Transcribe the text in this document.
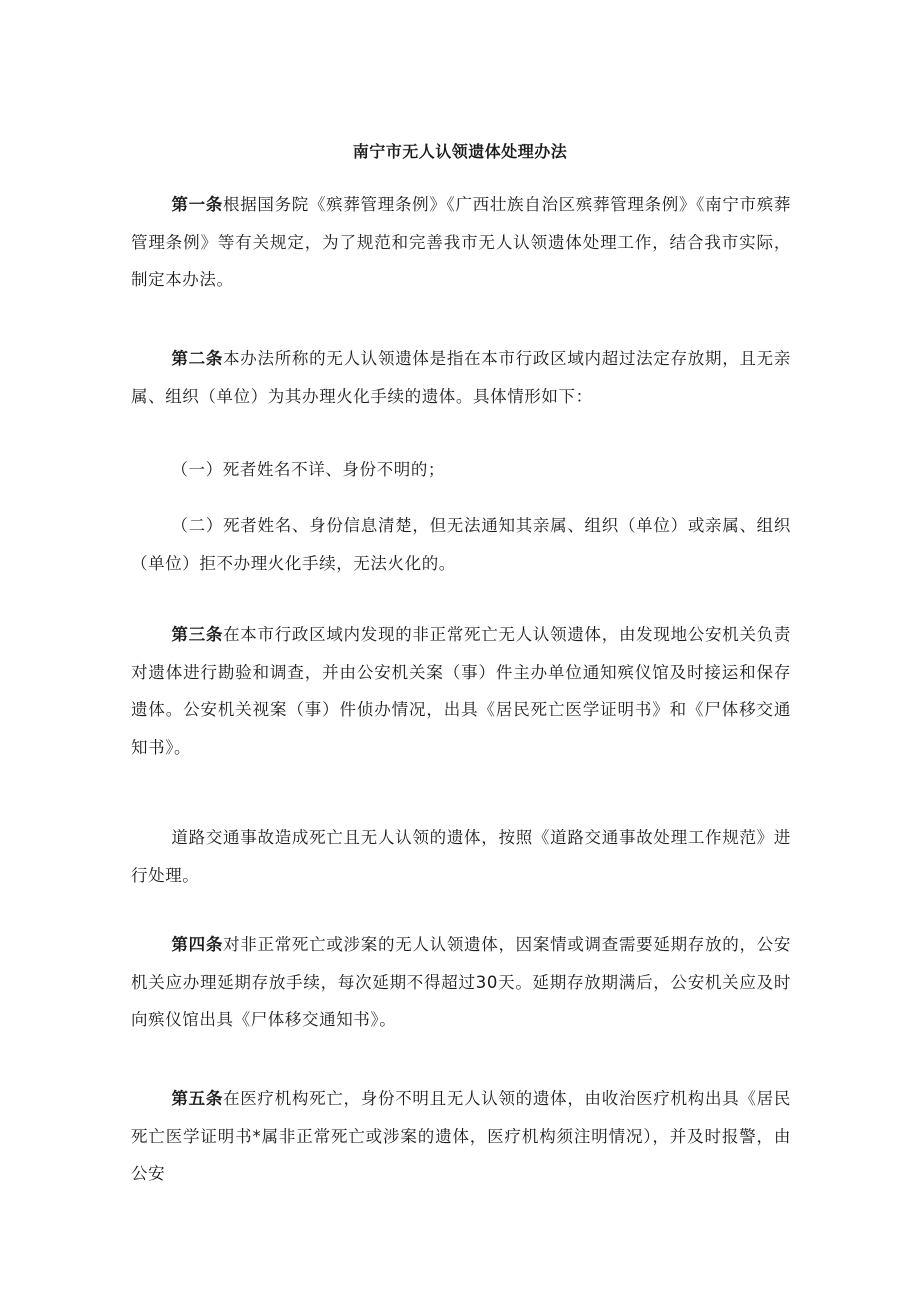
南宁市无人认领遗体处理办法

第一条根据国务院《殡葬管理条例》《广西壮族自治区殡葬管理条例》《南宁市殡葬管理条例》等有关规定，为了规范和完善我市无人认领遗体处理工作，结合我市实际，制定本办法。

第二条本办法所称的无人认领遗体是指在本市行政区域内超过法定存放期，且无亲属、组织（单位）为其办理火化手续的遗体。具体情形如下：

（一）死者姓名不详、身份不明的；

（二）死者姓名、身份信息清楚，但无法通知其亲属、组织（单位）或亲属、组织（单位）拒不办理火化手续，无法火化的。

第三条在本市行政区域内发现的非正常死亡无人认领遗体，由发现地公安机关负责对遗体进行勘验和调查，并由公安机关案（事）件主办单位通知殡仪馆及时接运和保存遗体。公安机关视案（事）件侦办情况，出具《居民死亡医学证明书》和《尸体移交通知书》。

道路交通事故造成死亡且无人认领的遗体，按照《道路交通事故处理工作规范》进行处理。

第四条对非正常死亡或涉案的无人认领遗体，因案情或调查需要延期存放的，公安机关应办理延期存放手续，每次延期不得超过30天。延期存放期满后，公安机关应及时向殡仪馆出具《尸体移交通知书》。

第五条在医疗机构死亡，身份不明且无人认领的遗体，由收治医疗机构出具《居民死亡医学证明书*属非正常死亡或涉案的遗体，医疗机构须注明情况），并及时报警，由公安
